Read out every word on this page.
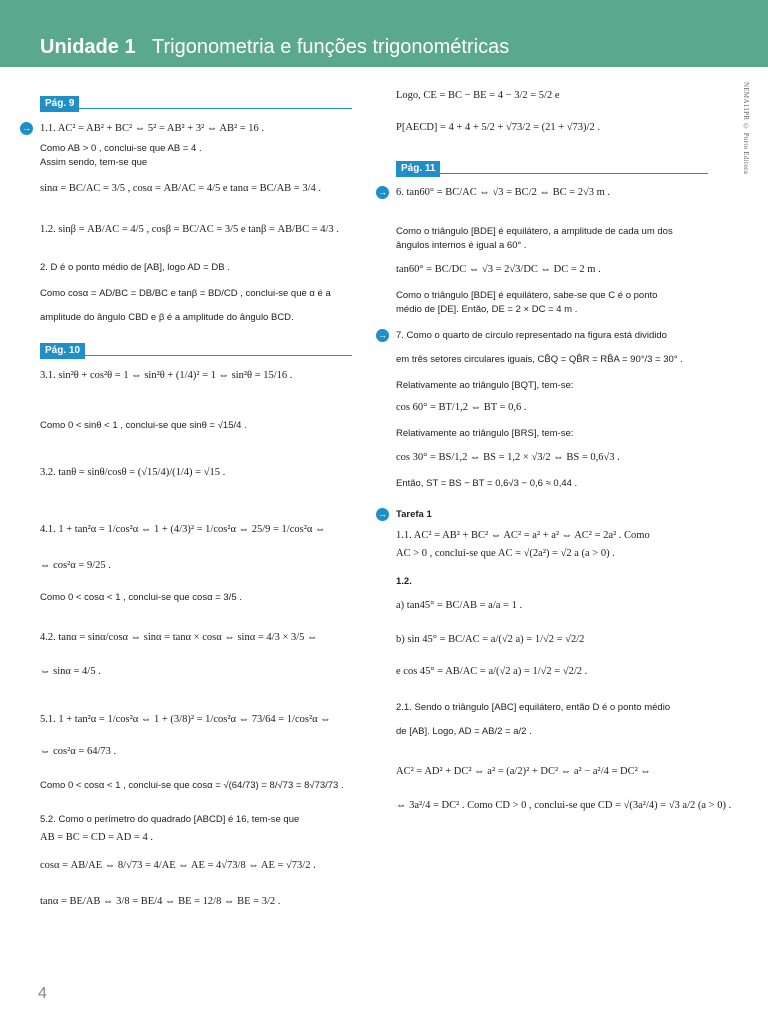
Unidade 1 Trigonometria e funções trigonométricas
NEMA11PR © Porto Editora
Pág. 9
→ 1.1. AC² = AB² + BC² ⇔ 5² = AB² + 3² ⇔ AB² = 16 .
Como AB > 0 , conclui-se que AB = 4 .
Assim sendo, tem-se que
sinα = BC/AC = 3/5 , cosα = AB/AC = 4/5 e tanα = BC/AB = 3/4 .
1.2. sinβ = AB/AC = 4/5 , cosβ = BC/AC = 3/5 e tanβ = AB/BC = 4/3 .
2. D é o ponto médio de [AB], logo AD = DB .
Como cosα = AD/BC = DB/BC e tanβ = BD/CD , conclui-se que α é a
amplitude do ângulo CBD e β é a amplitude do ângulo BCD.
Pág. 10
3.1. sin²θ + cos²θ = 1 ⇔ sin²θ + (1/4)² = 1 ⇔ sin²θ = 15/16 .
Como 0 < sinθ < 1 , conclui-se que sinθ = √15/4 .
3.2. tanθ = sinθ/cosθ = (√15/4)/(1/4) = √15 .
4.1. 1 + tan²α = 1/cos²α ⇔ 1 + (4/3)² = 1/cos²α ⇔ 25/9 = 1/cos²α ⇔
⇔ cos²α = 9/25 .
Como 0 < cosα < 1 , conclui-se que cosα = 3/5 .
4.2. tanα = sinα/cosα ⇔ sinα = tanα × cosα ⇔ sinα = 4/3 × 3/5 ⇔
⇔ sinα = 4/5 .
5.1. 1 + tan²α = 1/cos²α ⇔ 1 + (3/8)² = 1/cos²α ⇔ 73/64 = 1/cos²α ⇔
⇔ cos²α = 64/73 .
Como 0 < cosα < 1 , conclui-se que cosα = √(64/73) = 8/√73 = 8√73/73 .
5.2. Como o perímetro do quadrado [ABCD] é 16, tem-se que
AB = BC = CD = AD = 4 .
cosα = AB/AE ⇔ 8/√73 = 4/AE ⇔ AE = 4√73/8 ⇔ AE = √73/2 .
tanα = BE/AB ⇔ 3/8 = BE/4 ⇔ BE = 12/8 ⇔ BE = 3/2 .
Logo, CE = BC − BE = 4 − 3/2 = 5/2 e
P[AECD] = 4 + 4 + 5/2 + √73/2 = (21 + √73)/2 .
Pág. 11
→ 6. tan60° = BC/AC ⇔ √3 = BC/2 ⇔ BC = 2√3 m .
Como o triângulo [BDE] é equilátero, a amplitude de cada um dos
ângulos internos é igual a 60° .
tan60° = BC/DC ⇔ √3 = 2√3/DC ⇔ DC = 2 m .
Como o triângulo [BDE] é equilátero, sabe-se que C é o ponto
médio de [DE]. Então, DE = 2 × DC = 4 m .
→ 7. Como o quarto de círculo representado na figura está dividido
em três setores circulares iguais, CB̂Q = QB̂R = RB̂A = 90°/3 = 30° .
Relativamente ao triângulo [BQT], tem-se:
cos 60° = BT/1,2 ⇔ BT = 0,6 .
Relativamente ao triângulo [BRS], tem-se:
cos 30° = BS/1,2 ⇔ BS = 1,2 × √3/2 ⇔ BS = 0,6√3 .
Então, ST = BS − BT = 0,6√3 − 0,6 ≈ 0,44 .
→ Tarefa 1
1.1. AC² = AB² + BC² ⇔ AC² = a² + a² ⇔ AC² = 2a² . Como
AC > 0 , conclui-se que AC = √(2a²) = √2 a (a > 0) .
1.2.
a) tan45° = BC/AB = a/a = 1 .
b) sin 45° = BC/AC = a/(√2 a) = 1/√2 = √2/2
e cos 45° = AB/AC = a/(√2 a) = 1/√2 = √2/2 .
2.1. Sendo o triângulo [ABC] equilátero, então D é o ponto médio
de [AB]. Logo, AD = AB/2 = a/2 .
AC² = AD² + DC² ⇔ a² = (a/2)² + DC² ⇔ a² − a²/4 = DC² ⇔
⇔ 3a²/4 = DC² . Como CD > 0 , conclui-se que CD = √(3a²/4) = √3 a/2 (a > 0) .
4
